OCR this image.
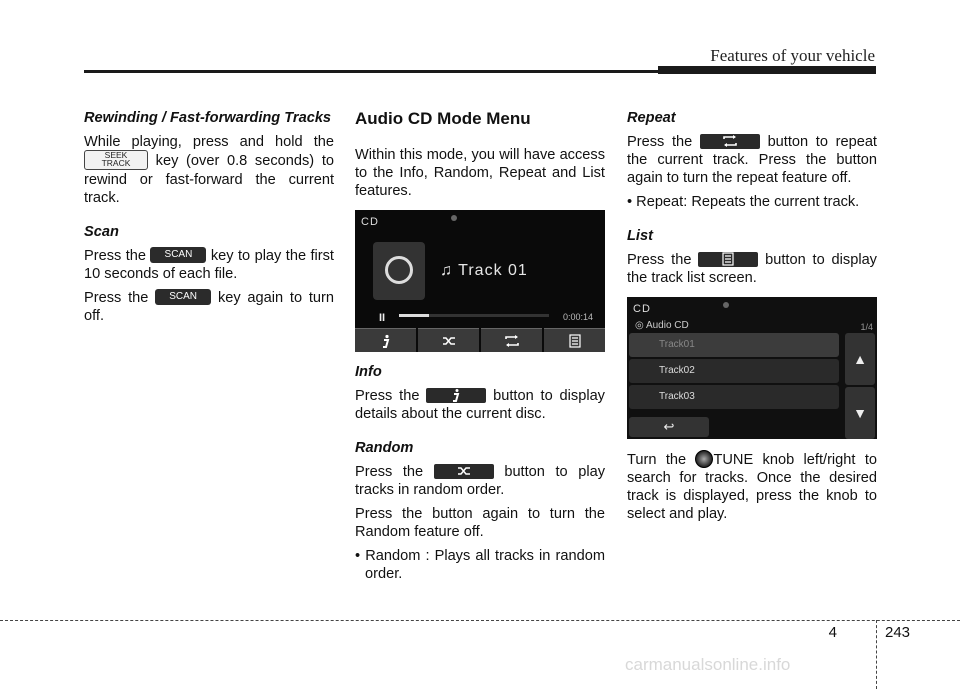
Features of your vehicle
Rewinding / Fast-forwarding Tracks

While playing, press and hold the
SEEK
TRACK	key (over 0.8 seconds) to rewind or fast-forward the current track.

Scan

Press the SCAN key to play the first 10 seconds of each file.

Press the SCAN key again to turn off.

Audio CD Mode Menu

Within this mode, you will have access to the Info, Random, Repeat and List features.

CD
♫ Track 01
II	0:00:14
Info

Press the	button to display details about the current disc.

Random

Press the	button to play tracks in random order.

Press the button again to turn the Random feature off.

• Random : Plays all tracks in random order.

Repeat

Press the	button to repeat the current track. Press the button again to turn the repeat feature off.

• Repeat: Repeats the current track.

List

Press the	button to display the track list screen.

CD
◎ Audio CD	1/4
Track01
Track02
Track03
▲
▼
↩

Turn the TUNE knob left/right to search for tracks. Once the desired track is displayed, press the knob to select and play.

4	243
carmanualsonline.info
